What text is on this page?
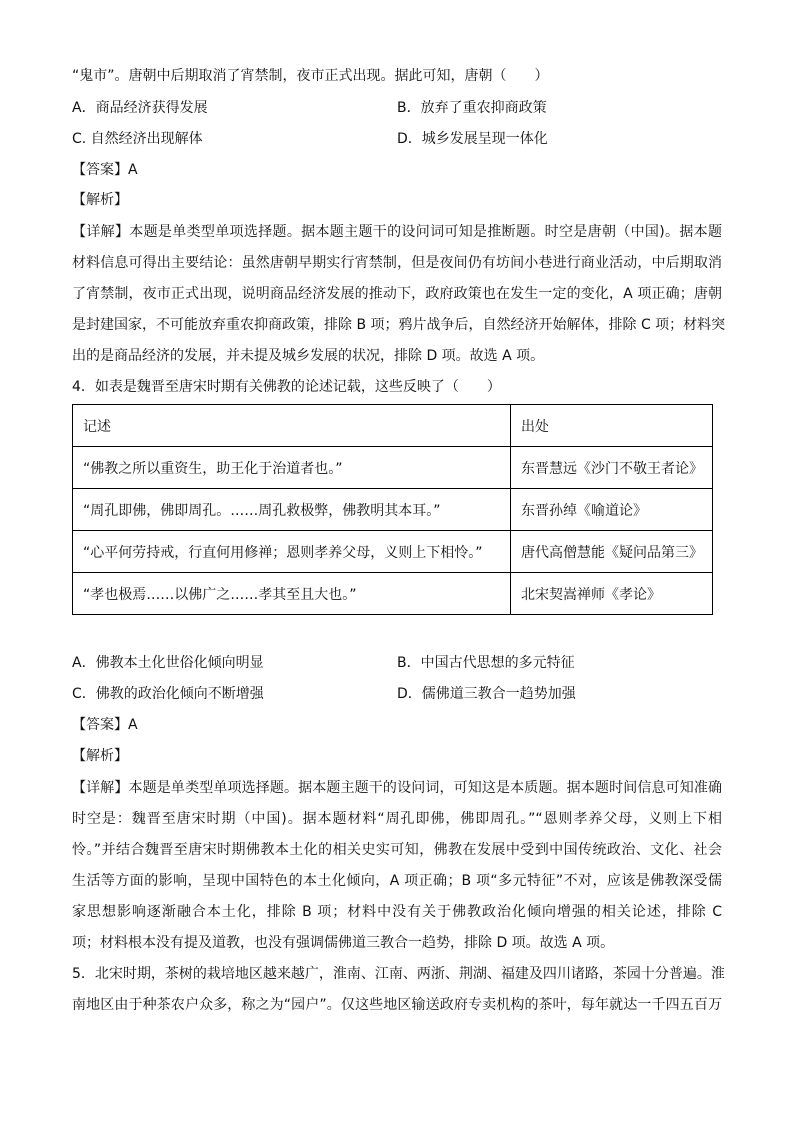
“鬼市”。唐朝中后期取消了宵禁制，夜市正式出现。据此可知，唐朝（　　）
A．商品经济获得发展	B．放弃了重农抑商政策
C. 自然经济出现解体	D．城乡发展呈现一体化
【答案】A
【解析】
【详解】本题是单类型单项选择题。据本题主题干的设问词可知是推断题。时空是唐朝（中国)。据本题
材料信息可得出主要结论：虽然唐朝早期实行宵禁制，但是夜间仍有坊间小巷进行商业活动，中后期取消
了宵禁制，夜市正式出现，说明商品经济发展的推动下，政府政策也在发生一定的变化，A 项正确；唐朝
是封建国家，不可能放弃重农抑商政策，排除 B 项；鸦片战争后，自然经济开始解体，排除 C 项；材料突
出的是商品经济的发展，并未提及城乡发展的状况，排除 D 项。故选 A 项。
4．如表是魏晋至唐宋时期有关佛教的论述记载，这些反映了（　　）
记述	出处
“佛教之所以重资生，助王化于治道者也。”	东晋慧远《沙门不敬王者论》
“周孔即佛，佛即周孔。……周孔救极弊，佛教明其本耳。”	东晋孙绰《喻道论》
“心平何劳持戒，行直何用修禅；恩则孝养父母，义则上下相怜。”	唐代高僧慧能《疑问品第三》
“孝也极焉……以佛广之……孝其至且大也。”	北宋契嵩禅师《孝论》
A．佛教本土化世俗化倾向明显	B．中国古代思想的多元特征
C．佛教的政治化倾向不断增强	D．儒佛道三教合一趋势加强
【答案】A
【解析】
【详解】本题是单类型单项选择题。据本题主题干的设问词，可知这是本质题。据本题时间信息可知准确
时空是：魏晋至唐宋时期（中国)。据本题材料“周孔即佛，佛即周孔。”“恩则孝养父母，义则上下相
怜。”并结合魏晋至唐宋时期佛教本土化的相关史实可知，佛教在发展中受到中国传统政治、文化、社会
生活等方面的影响，呈现中国特色的本土化倾向，A 项正确；B 项“多元特征”不对，应该是佛教深受儒
家思想影响逐渐融合本土化，排除 B 项；材料中没有关于佛教政治化倾向增强的相关论述，排除 C
项；材料根本没有提及道教，也没有强调儒佛道三教合一趋势，排除 D 项。故选 A 项。
5．北宋时期，茶树的栽培地区越来越广，淮南、江南、两浙、荆湖、福建及四川诸路，茶园十分普遍。淮
南地区由于种茶农户众多，称之为“园户”。仅这些地区输送政府专卖机构的茶叶，每年就达一千四五百万
